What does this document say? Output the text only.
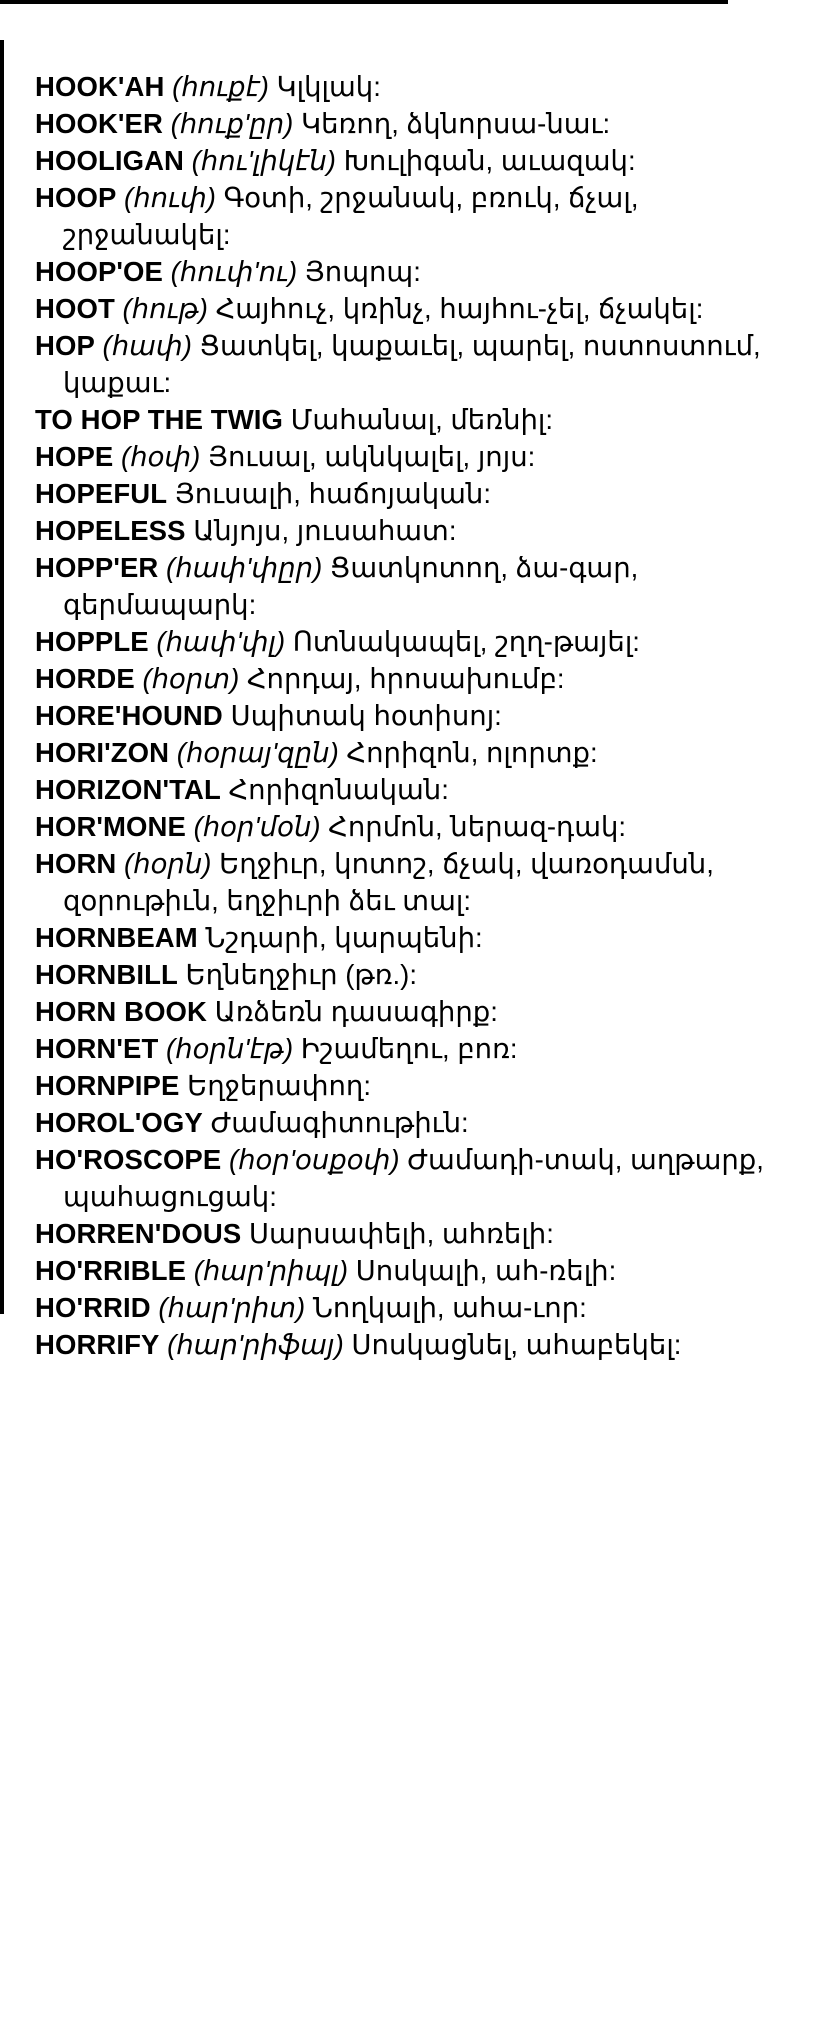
HOOK'AH (հուքէ) Կլկլակ:
HOOK'ER (հուք'ըր) Կեռող, ձկնորսա-նաւ:
HOOLIGAN (հու'լիկէն) Խուլիգան, աւազակ:
HOOP (հուփ) Գօտի, շրջանակ, բռուկ, ճչալ, շրջանակել:
HOOP'OE (հուփ'ու) Յոպոպ:
HOOT (հութ) Հայհուչ, կռինչ, հայհու-չել, ճչակել:
HOP (հափ) Ցատկել, կաքաւել, պարել, ոստոստում, կաքաւ:
TO HOP THE TWIG Մահանալ, մեռնիլ:
HOPE (հօփ) Յուսալ, ակնկալել, յոյս:
HOPEFUL Յուսալի, հաճոյական:
HOPELESS Անյոյս, յուսահատ:
HOPP'ER (հափ'փըր) Ցատկոտող, ձա-գար, գերմապարկ:
HOPPLE (հափ'փլ) Ոտնակապել, շղղ-թայել:
HORDE (հօրտ) Հորդայ, հրոսախումբ:
HORE'HOUND Սպիտակ հօտիսոյ:
HORI'ZON (հօրայ'զըն) Հորիզոն, ոլորտք:
HORIZON'TAL Հորիզոնական:
HOR'MONE (հօր'մօն) Հորմոն, ներազ-դակ:
HORN (հօրն) Եղջիւր, կոտոշ, ճչակ, վառօդամսն, զօրութիւն, եղջիւրի ձեւ տալ:
HORNBEAM Նշդարի, կարպենի:
HORNBILL Եղնեղջիւր (թռ.):
HORN BOOK Առձեռն դասագիրք:
HORN'ET (հօրն'էթ) Իշամեղու, բոռ:
HORNPIPE Եղջերափող:
HOROL'OGY Ժամագիտութիւն:
HO'ROSCOPE (հօր'օսքօփ) Ժամադի-տակ, աղթարք, պահացուցակ:
HORREN'DOUS Սարսափելի, ահռելի:
HO'RRIBLE (հար'րիպլ) Սոսկալի, ահ-ռելի:
HO'RRID (հար'րիտ) Նողկալի, ահա-ւոր:
HORRIFY (հար'րիֆայ) Սոսկացնել, ահաբեկել:
